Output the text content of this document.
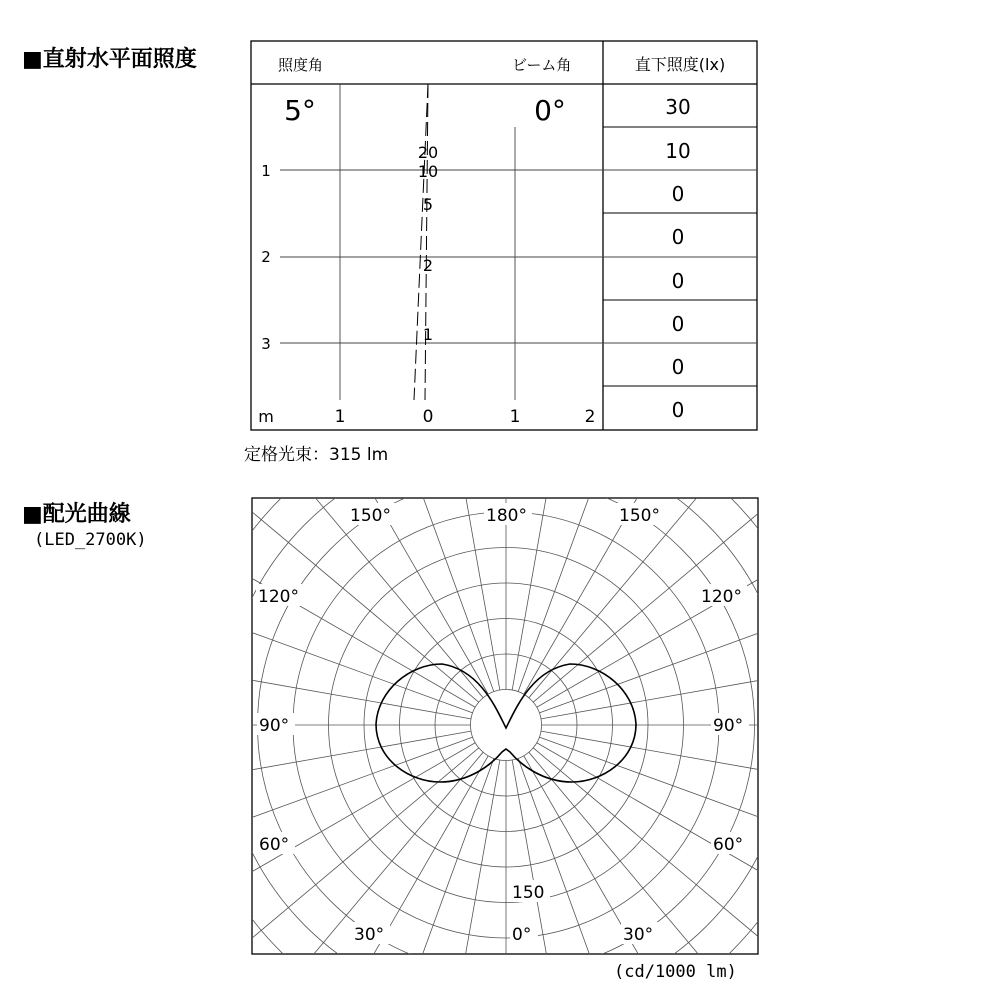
■直射水平面照度
■配光曲線
(LED_2700K)
定格光束：315 lm
(cd/1000 lm)
照度角	ビーム角	直下照度(lx)
5°	0°
1
2
3
m	1	0	1	2
20
10
5
2
1
30
10
0
0
0
0
0
0
150°	180°	150°
120°	120°
90°	90°
60°	60°
30°	0°	30°
150
